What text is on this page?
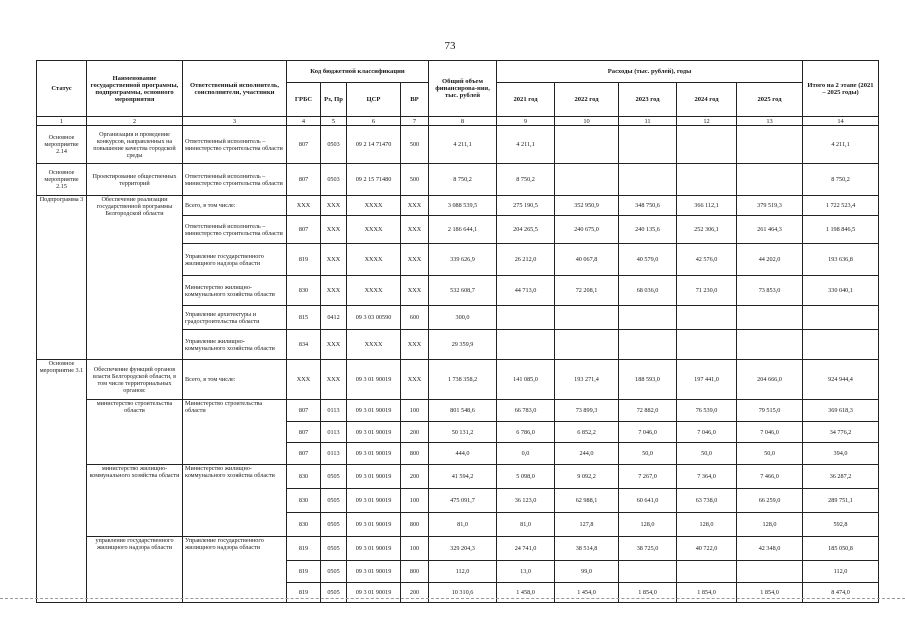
73
Статус	Наименование государственной программы, подпрограммы, основного мероприятия	Ответственный исполнитель, соисполнители, участники	Код бюджетной классификации				Общий объем финансирова-ния, тыс. рублей	Расходы (тыс. рублей), годы					Итого на 2 этапе (2021 – 2025 годы)
			ГРБС	Рз, Пр	ЦСР	ВР		2021 год	2022 год	2023 год	2024 год	2025 год	
1	2	3	4	5	6	7	8	9	10	11	12	13	14
Основное мероприятие 2.14	Организация и проведение конкурсов, направленных на повышение качества городской среды	Ответственный исполнитель – министерство строительства области	807	0503	09 2 14 71470	500	4 211,1	4 211,1					4 211,1
Основное мероприятие 2.15	Проектирование общественных территорий	Ответственный исполнитель – министерство строительства области	807	0503	09 2 15 71480	500	8 750,2	8 750,2					8 750,2
Подпрограмма 3	Обеспечение реализации государственной программы Белгородской области	Всего, в том числе:	ХХХ	ХХХ	ХХХХ	ХХХ	3 088 539,5	275 190,5	352 950,9	348 750,6	366 112,1	379 519,3	1 722 523,4
		Ответственный исполнитель – министерство строительства области	807	ХХХ	ХХХХ	ХХХ	2 186 644,1	204 265,5	240 675,0	240 135,6	252 306,1	261 464,3	1 198 846,5
		Управление государственного жилищного надзора области	819	ХХХ	ХХХХ	ХХХ	339 626,9	26 212,0	40 067,8	40 579,0	42 576,0	44 202,0	193 636,8
		Министерство жилищно-коммунального хозяйства области	830	ХХХ	ХХХХ	ХХХ	532 608,7	44 713,0	72 208,1	68 036,0	71 230,0	73 853,0	330 040,1
		Управление архитектуры и градостроительства области	815	0412	09 3 03 00590	600	300,0						
		Управление жилищно-коммунального хозяйства области	834	ХХХ	ХХХХ	ХХХ	29 359,9						
Основное мероприятие 3.1	Обеспечение функций органов власти Белгородской области, в том числе территориальных органов:	Всего, в том числе:	ХХХ	ХХХ	09 3 01 90019	ХХХ	1 738 358,2	141 085,0	193 271,4	188 593,0	197 441,0	204 666,0	924 944,4
	министерство строительства области	Министерство строительства области	807	0113	09 3 01 90019	100	801 548,6	66 783,0	73 899,3	72 882,0	76 539,0	79 515,0	369 618,3
			807	0113	09 3 01 90019	200	50 131,2	6 786,0	6 852,2	7 046,0	7 046,0	7 046,0	34 776,2
			807	0113	09 3 01 90019	800	444,0	0,0	244,0	50,0	50,0	50,0	394,0
	министерство жилищно-коммунального хозяйства области	Министерство жилищно-коммунального хозяйства области	830	0505	09 3 01 90019	200	41 594,2	5 098,0	9 092,2	7 267,0	7 364,0	7 466,0	36 287,2
			830	0505	09 3 01 90019	100	475 091,7	36 123,0	62 988,1	60 641,0	63 738,0	66 259,0	289 751,1
			830	0505	09 3 01 90019	800	81,0	81,0	127,8	128,0	128,0	128,0	592,8
	управление государственного жилищного надзора области	Управление государственного жилищного надзора области	819	0505	09 3 01 90019	100	329 204,3	24 741,0	38 514,8	38 725,0	40 722,0	42 348,0	185 050,8
			819	0505	09 3 01 90019	800	112,0	13,0	99,0				112,0
			819	0505	09 3 01 90019	200	10 310,6	1 458,0	1 454,0	1 854,0	1 854,0	1 854,0	8 474,0
